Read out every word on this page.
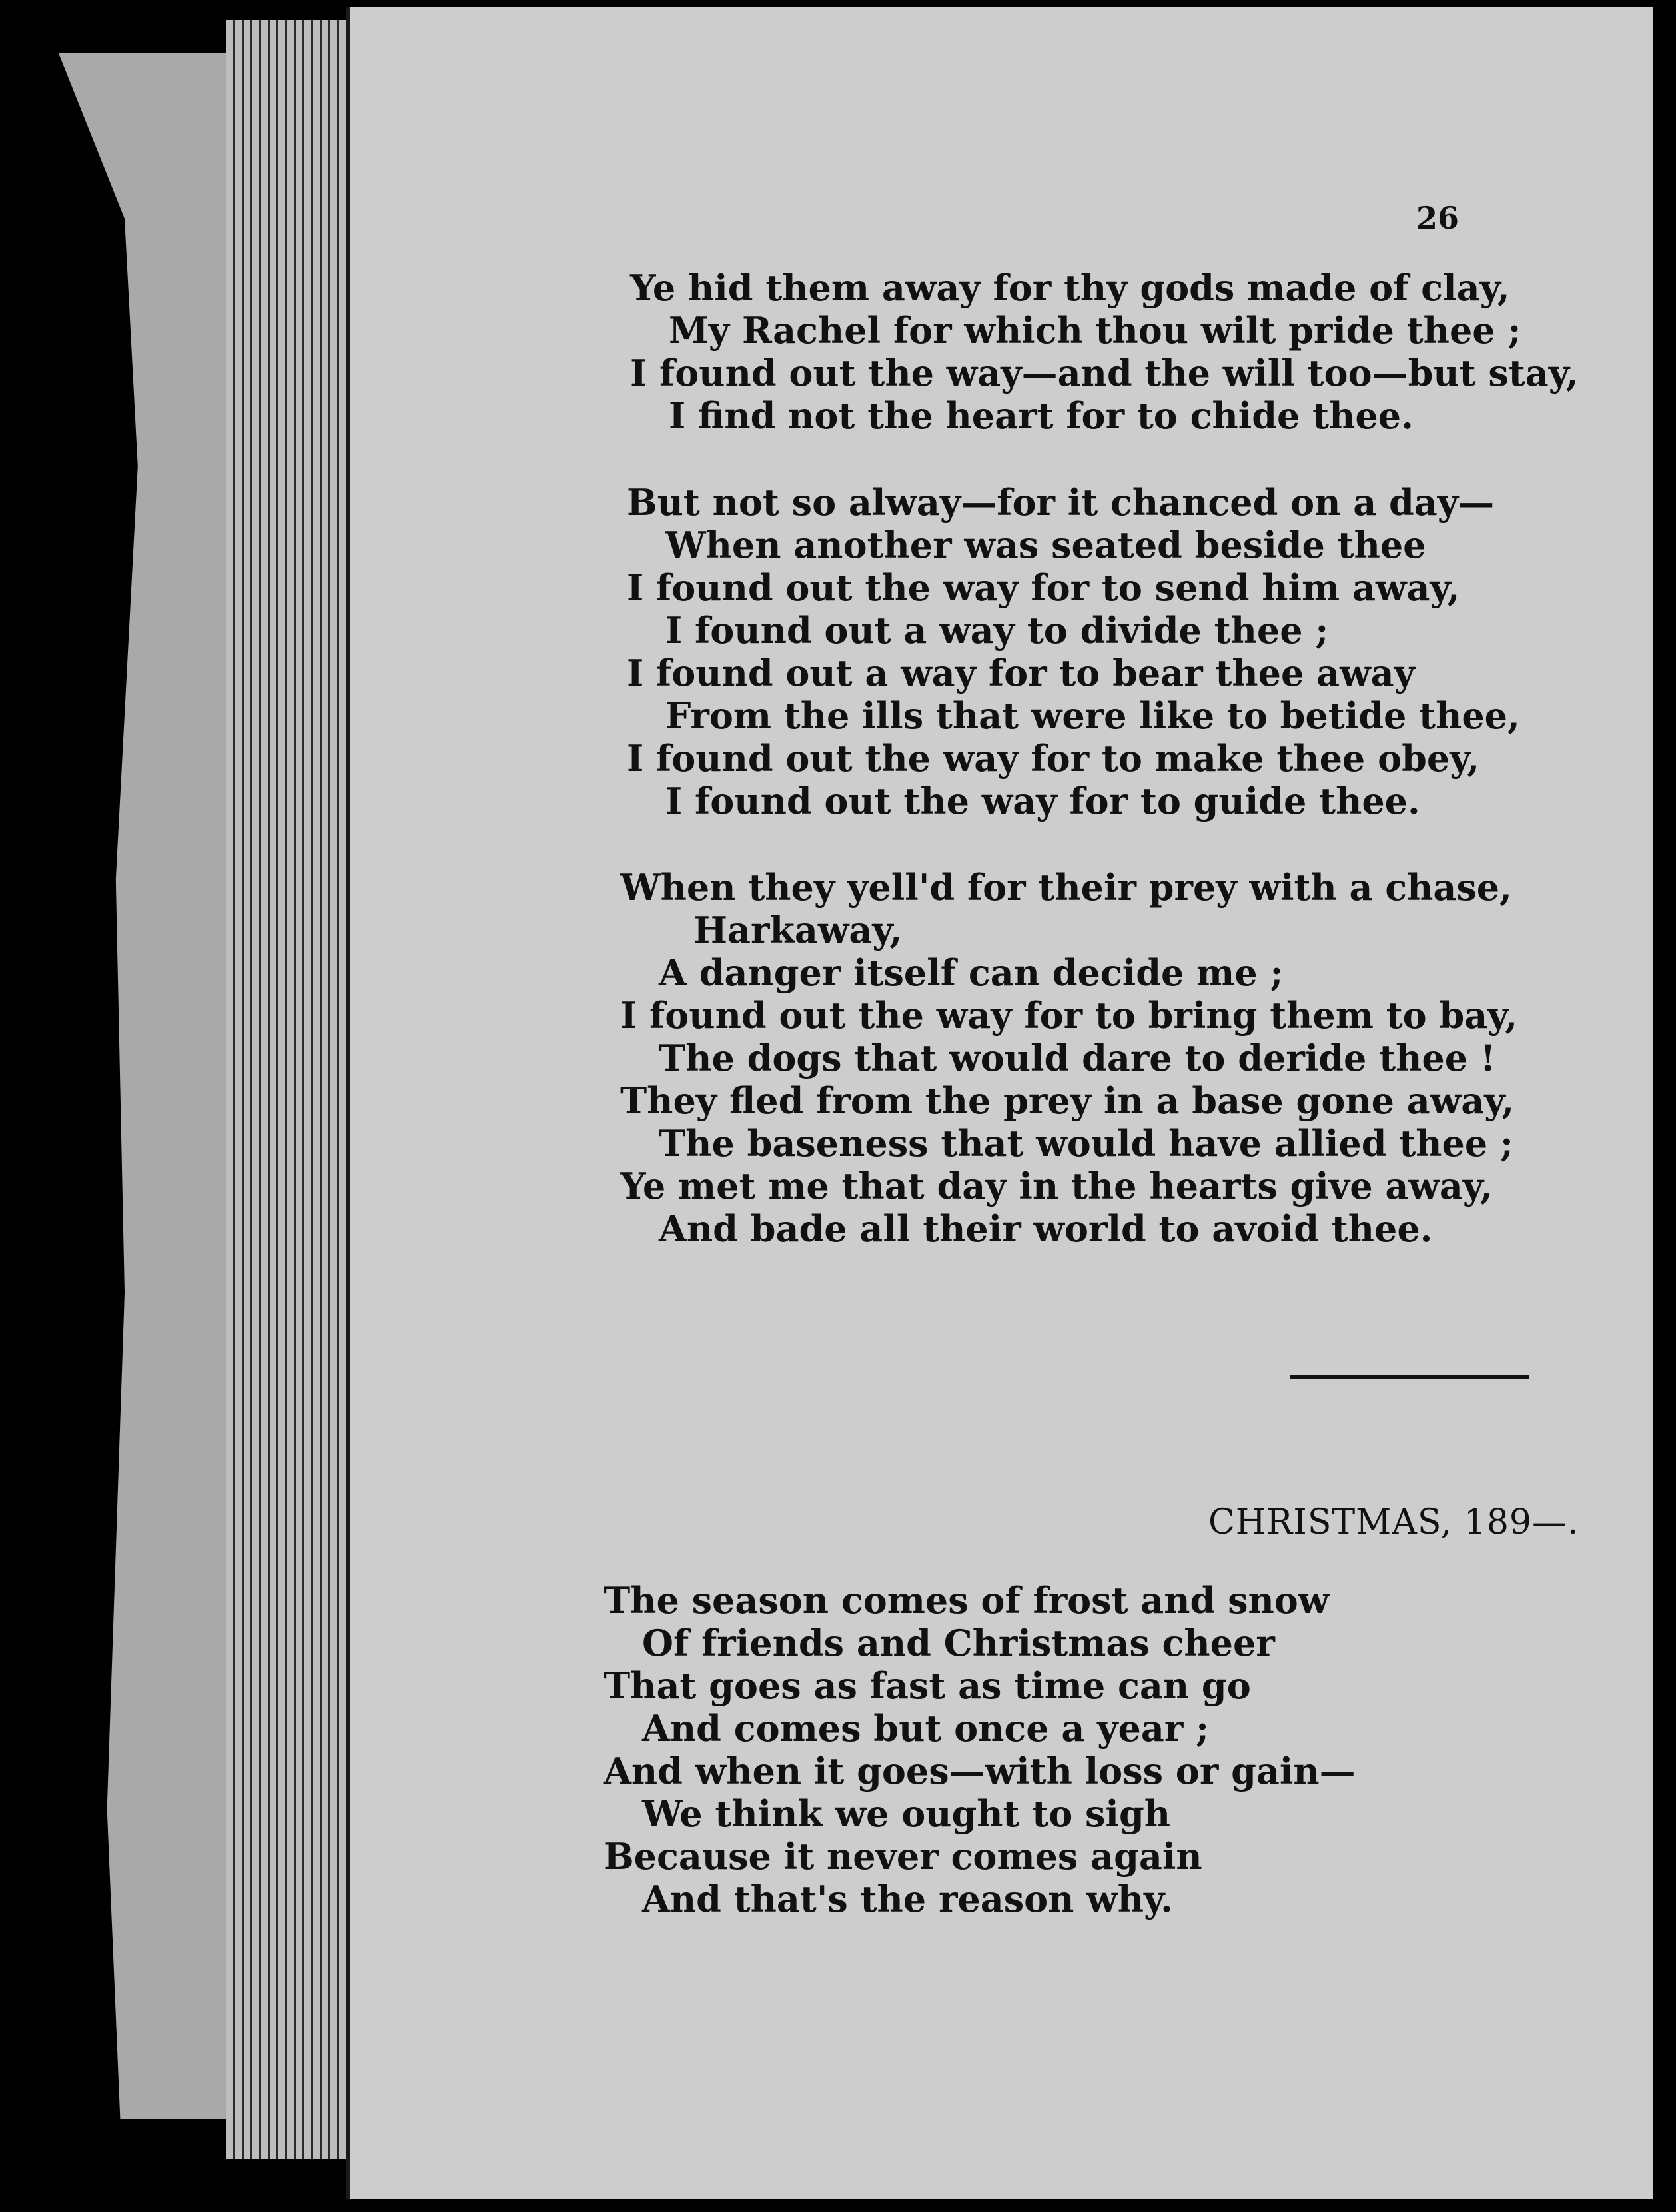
26
Ye hid them away for thy gods made of clay,
My Rachel for which thou wilt pride thee ;
I found out the way—and the will too—but stay,
I find not the heart for to chide thee.
But not so alway—for it chanced on a day—
When another was seated beside thee
I found out the way for to send him away,
I found out a way to divide thee ;
I found out a way for to bear thee away
From the ills that were like to betide thee,
I found out the way for to make thee obey,
I found out the way for to guide thee.
When they yell'd for their prey with a chase,
Harkaway,
A danger itself can decide me ;
I found out the way for to bring them to bay,
The dogs that would dare to deride thee !
They fled from the prey in a base gone away,
The baseness that would have allied thee ;
Ye met me that day in the hearts give away,
And bade all their world to avoid thee.
CHRISTMAS, 189—.
The season comes of frost and snow
Of friends and Christmas cheer
That goes as fast as time can go
And comes but once a year ;
And when it goes—with loss or gain—
We think we ought to sigh
Because it never comes again
And that's the reason why.
